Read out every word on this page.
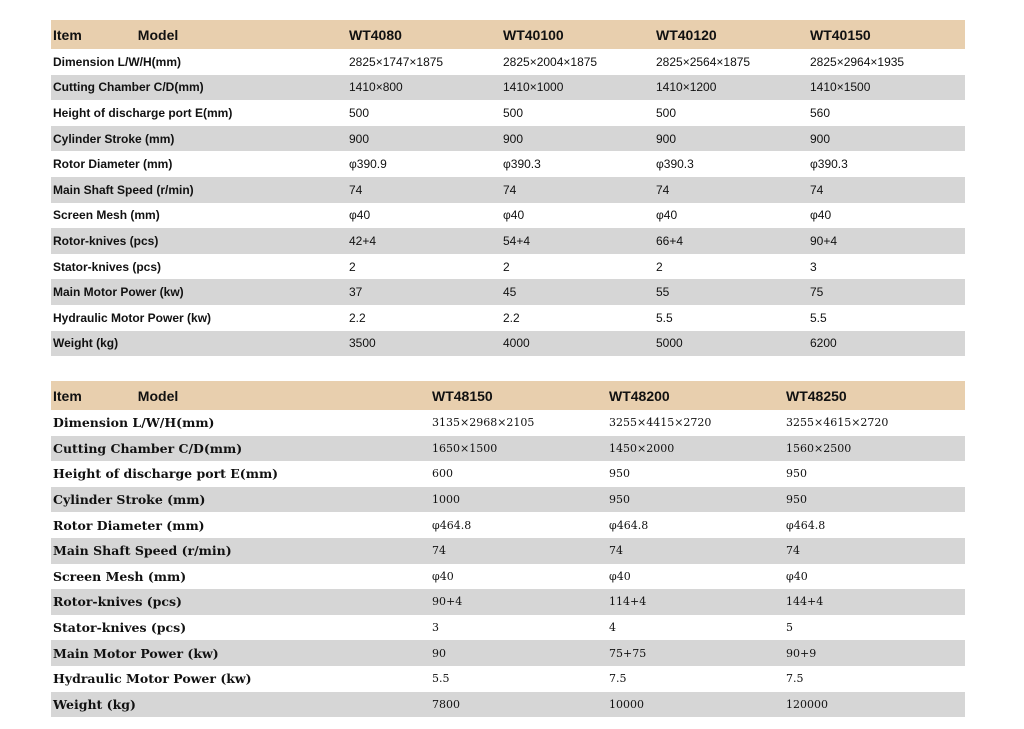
Item Model	WT4080	WT40100	WT40120	WT40150
Dimension L/W/H(mm)	2825×1747×1875	2825×2004×1875	2825×2564×1875	2825×2964×1935
Cutting Chamber C/D(mm)	1410×800	1410×1000	1410×1200	1410×1500
Height of discharge port E(mm)	500	500	500	560
Cylinder Stroke (mm)	900	900	900	900
Rotor Diameter (mm)	φ390.9	φ390.3	φ390.3	φ390.3
Main Shaft Speed (r/min)	74	74	74	74
Screen Mesh (mm)	φ40	φ40	φ40	φ40
Rotor-knives (pcs)	42+4	54+4	66+4	90+4
Stator-knives (pcs)	2	2	2	3
Main Motor Power (kw)	37	45	55	75
Hydraulic Motor Power (kw)	2.2	2.2	5.5	5.5
Weight (kg)	3500	4000	5000	6200
Item Model	WT48150	WT48200	WT48250
Dimension L/W/H(mm)	3135×2968×2105	3255×4415×2720	3255×4615×2720
Cutting Chamber C/D(mm)	1650×1500	1450×2000	1560×2500
Height of discharge port E(mm)	600	950	950
Cylinder Stroke (mm)	1000	950	950
Rotor Diameter (mm)	φ464.8	φ464.8	φ464.8
Main Shaft Speed (r/min)	74	74	74
Screen Mesh (mm)	φ40	φ40	φ40
Rotor-knives (pcs)	90+4	114+4	144+4
Stator-knives (pcs)	3	4	5
Main Motor Power (kw)	90	75+75	90+9
Hydraulic Motor Power (kw)	5.5	7.5	7.5
Weight (kg)	7800	10000	120000
